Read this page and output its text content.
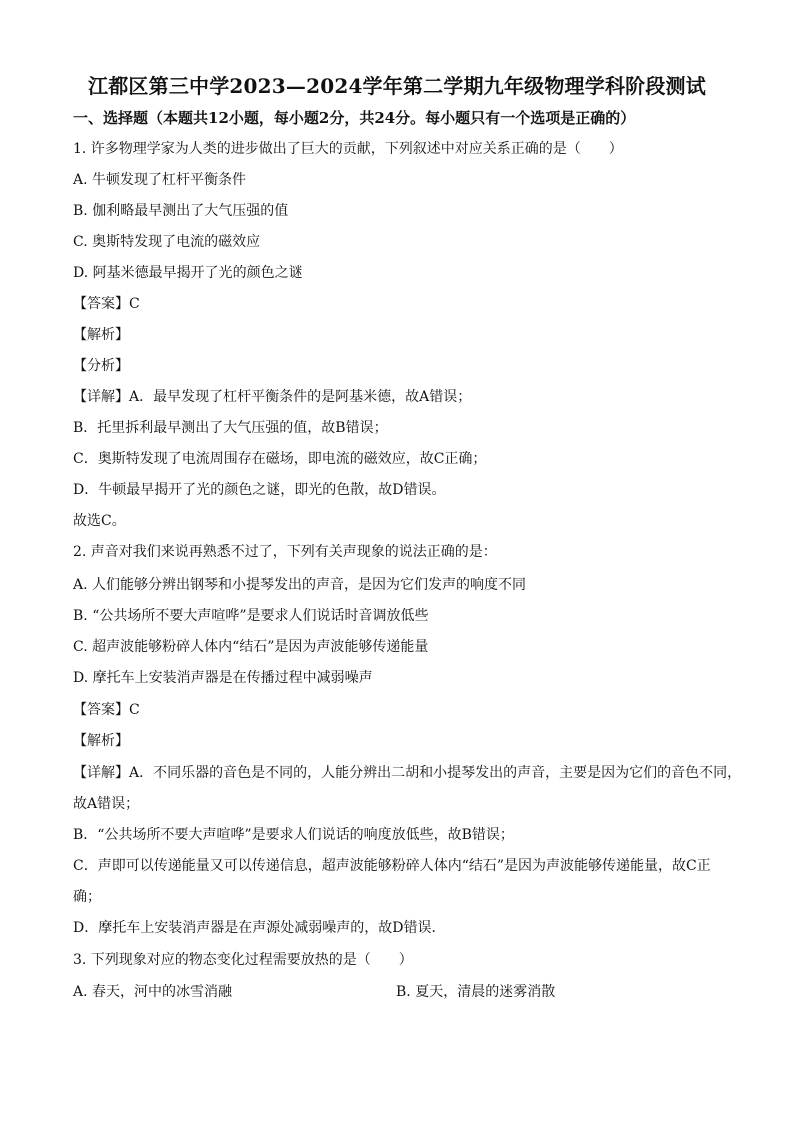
江都区第三中学2023—2024学年第二学期九年级物理学科阶段测试
一、选择题（本题共12小题，每小题2分，共24分。每小题只有一个选项是正确的）
1. 许多物理学家为人类的进步做出了巨大的贡献，下列叙述中对应关系正确的是（　　）
A. 牛顿发现了杠杆平衡条件
B. 伽利略最早测出了大气压强的值
C. 奥斯特发现了电流的磁效应
D. 阿基米德最早揭开了光的颜色之谜
【答案】C
【解析】
【分析】
【详解】A．最早发现了杠杆平衡条件的是阿基米德，故A错误；
B．托里拆利最早测出了大气压强的值，故B错误；
C．奥斯特发现了电流周围存在磁场，即电流的磁效应，故C正确；
D．牛顿最早揭开了光的颜色之谜，即光的色散，故D错误。
故选C。
2. 声音对我们来说再熟悉不过了，下列有关声现象的说法正确的是：
A. 人们能够分辨出钢琴和小提琴发出的声音，是因为它们发声的响度不同
B. “公共场所不要大声喧哗”是要求人们说话时音调放低些
C. 超声波能够粉碎人体内“结石”是因为声波能够传递能量
D. 摩托车上安装消声器是在传播过程中减弱噪声
【答案】C
【解析】
【详解】A．不同乐器的音色是不同的，人能分辨出二胡和小提琴发出的声音，主要是因为它们的音色不同，
故A错误；
B．“公共场所不要大声喧哗”是要求人们说话的响度放低些，故B错误；
C．声即可以传递能量又可以传递信息，超声波能够粉碎人体内“结石”是因为声波能够传递能量，故C正
确；
D．摩托车上安装消声器是在声源处减弱噪声的，故D错误．
3. 下列现象对应的物态变化过程需要放热的是（　　）
A. 春天，河中的冰雪消融	B. 夏天，清晨的迷雾消散
